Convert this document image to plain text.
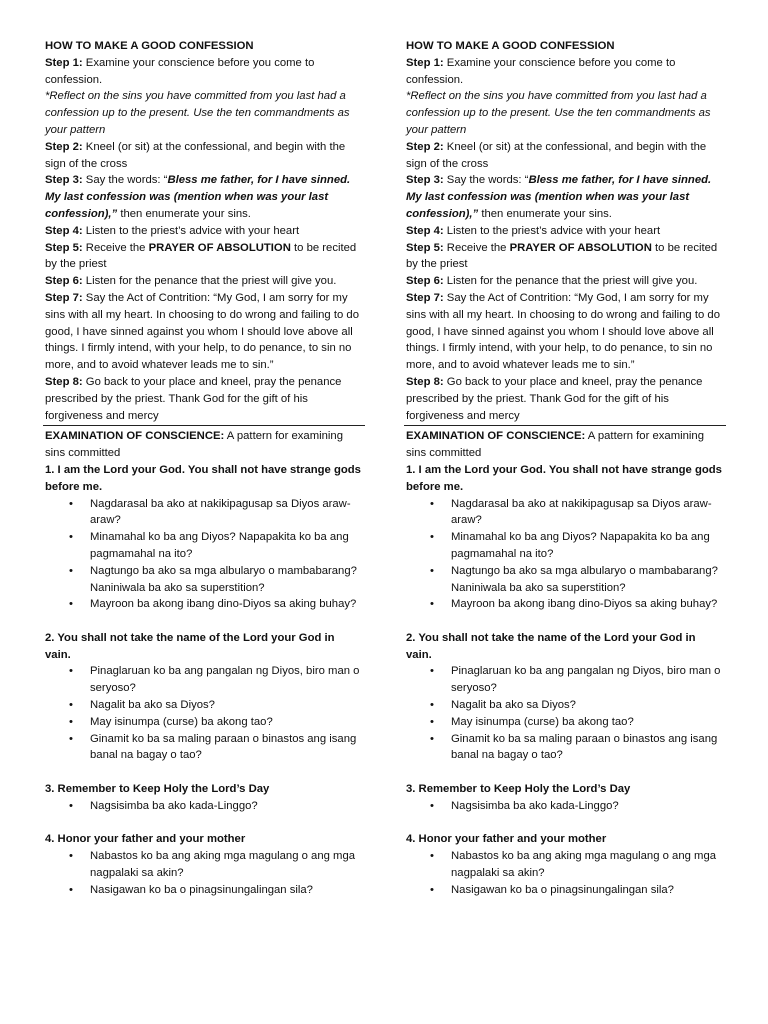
HOW TO MAKE A GOOD CONFESSION

Step 1: Examine your conscience before you come to confession.

*Reflect on the sins you have committed from you last had a confession up to the present. Use the ten commandments as your pattern

Step 2: Kneel (or sit) at the confessional, and begin with the sign of the cross

Step 3: Say the words: “Bless me father, for I have sinned. My last confession was (mention when was your last confession),” then enumerate your sins.

Step 4: Listen to the priest’s advice with your heart

Step 5: Receive the PRAYER OF ABSOLUTION to be recited by the priest

Step 6: Listen for the penance that the priest will give you.

Step 7: Say the Act of Contrition: “My God, I am sorry for my sins with all my heart. In choosing to do wrong and failing to do good, I have sinned against you whom I should love above all things. I firmly intend, with your help, to do penance, to sin no more, and to avoid whatever leads me to sin.”

Step 8: Go back to your place and kneel, pray the penance prescribed by the priest. Thank God for the gift of his forgiveness and mercy

EXAMINATION OF CONSCIENCE: A pattern for examining sins committed

1. I am the Lord your God. You shall not have strange gods before me.

• Nagdarasal ba ako at nakikipagusap sa Diyos araw-araw?
• Minamahal ko ba ang Diyos? Napapakita ko ba ang pagmamahal na ito?
• Nagtungo ba ako sa mga albularyo o mambabarang? Naniniwala ba ako sa superstition?
• Mayroon ba akong ibang dino-Diyos sa aking buhay?

2. You shall not take the name of the Lord your God in vain.

• Pinaglaruan ko ba ang pangalan ng Diyos, biro man o seryoso?
• Nagalit ba ako sa Diyos?
• May isinumpa (curse) ba akong tao?
• Ginamit ko ba sa maling paraan o binastos ang isang banal na bagay o tao?

3. Remember to Keep Holy the Lord’s Day

• Nagsisimba ba ako kada-Linggo?

4. Honor your father and your mother

• Nabastos ko ba ang aking mga magulang o ang mga nagpalaki sa akin?
• Nasigawan ko ba o pinagsinungalingan sila?

HOW TO MAKE A GOOD CONFESSION

Step 1: Examine your conscience before you come to confession.

*Reflect on the sins you have committed from you last had a confession up to the present. Use the ten commandments as your pattern

Step 2: Kneel (or sit) at the confessional, and begin with the sign of the cross

Step 3: Say the words: “Bless me father, for I have sinned. My last confession was (mention when was your last confession),” then enumerate your sins.

Step 4: Listen to the priest’s advice with your heart

Step 5: Receive the PRAYER OF ABSOLUTION to be recited by the priest

Step 6: Listen for the penance that the priest will give you.

Step 7: Say the Act of Contrition: “My God, I am sorry for my sins with all my heart. In choosing to do wrong and failing to do good, I have sinned against you whom I should love above all things. I firmly intend, with your help, to do penance, to sin no more, and to avoid whatever leads me to sin.”

Step 8: Go back to your place and kneel, pray the penance prescribed by the priest. Thank God for the gift of his forgiveness and mercy

EXAMINATION OF CONSCIENCE: A pattern for examining sins committed

1. I am the Lord your God. You shall not have strange gods before me.

• Nagdarasal ba ako at nakikipagusap sa Diyos araw-araw?
• Minamahal ko ba ang Diyos? Napapakita ko ba ang pagmamahal na ito?
• Nagtungo ba ako sa mga albularyo o mambabarang? Naniniwala ba ako sa superstition?
• Mayroon ba akong ibang dino-Diyos sa aking buhay?

2. You shall not take the name of the Lord your God in vain.

• Pinaglaruan ko ba ang pangalan ng Diyos, biro man o seryoso?
• Nagalit ba ako sa Diyos?
• May isinumpa (curse) ba akong tao?
• Ginamit ko ba sa maling paraan o binastos ang isang banal na bagay o tao?

3. Remember to Keep Holy the Lord’s Day

• Nagsisimba ba ako kada-Linggo?

4. Honor your father and your mother

• Nabastos ko ba ang aking mga magulang o ang mga nagpalaki sa akin?
• Nasigawan ko ba o pinagsinungalingan sila?
